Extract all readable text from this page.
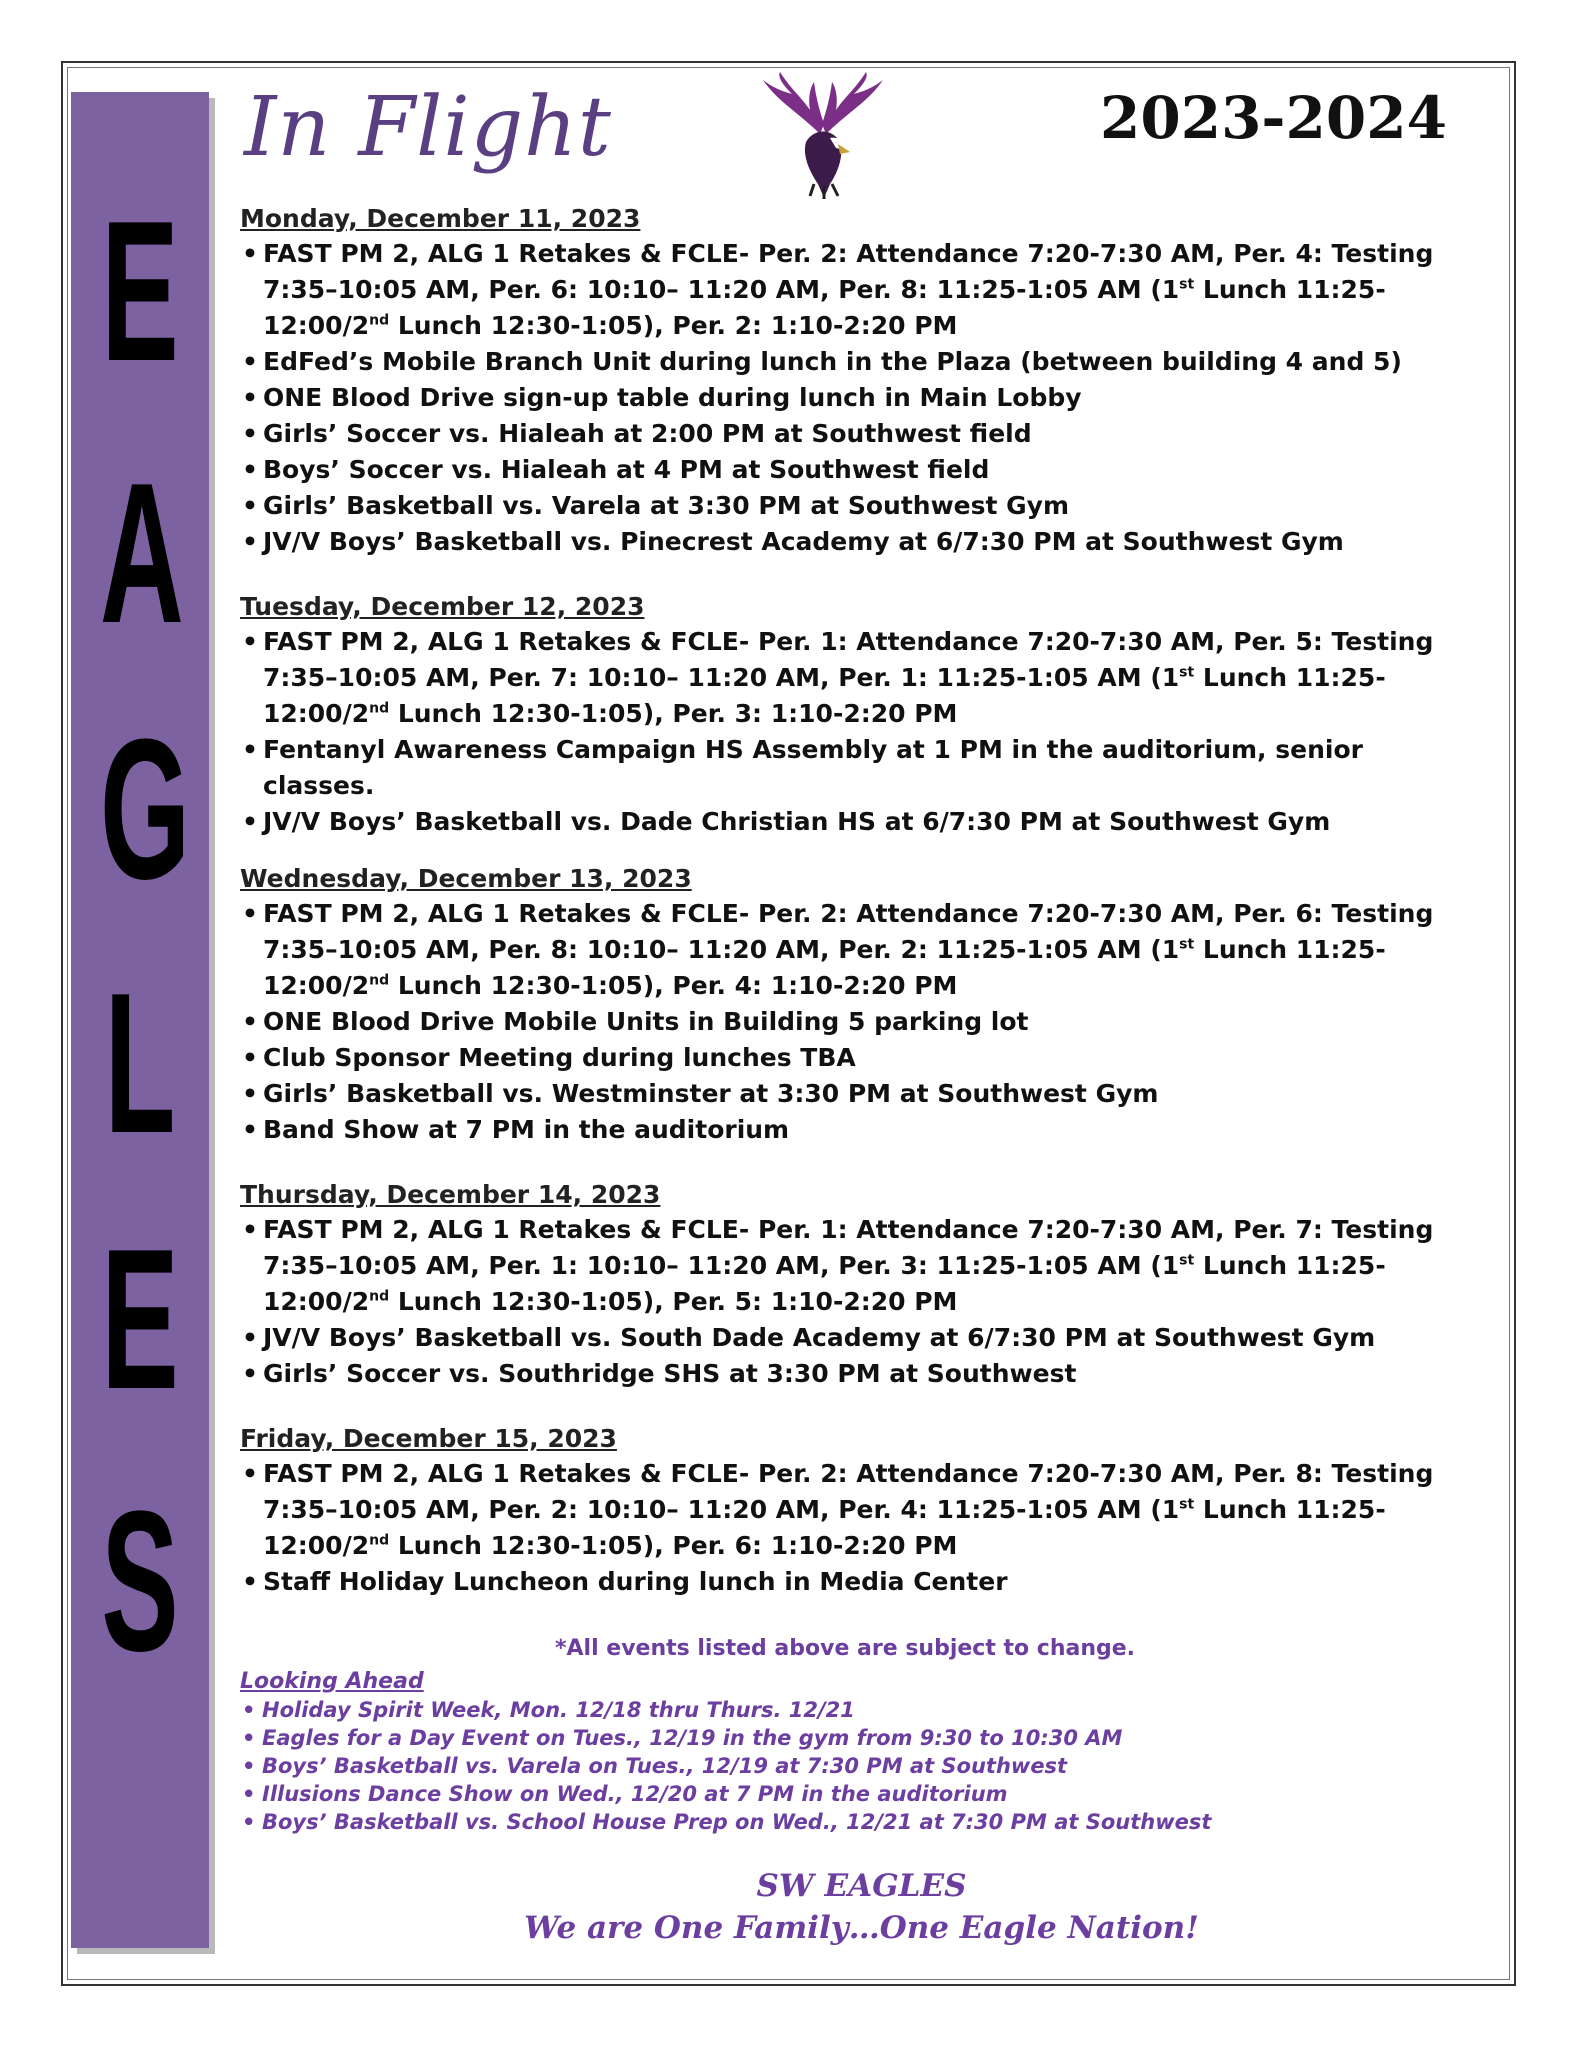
E
A
G
L
E
S
In Flight	2023-2024
Monday, December 11, 2023
• FAST PM 2, ALG 1 Retakes & FCLE- Per. 2: Attendance 7:20-7:30 AM, Per. 4: Testing 7:35–10:05 AM, Per. 6: 10:10– 11:20 AM, Per. 8: 11:25-1:05 AM (1st Lunch 11:25-12:00/2nd Lunch 12:30-1:05), Per. 2: 1:10-2:20 PM
• EdFed’s Mobile Branch Unit during lunch in the Plaza (between building 4 and 5)
• ONE Blood Drive sign-up table during lunch in Main Lobby
• Girls’ Soccer vs. Hialeah at 2:00 PM at Southwest field
• Boys’ Soccer vs. Hialeah at 4 PM at Southwest field
• Girls’ Basketball vs. Varela at 3:30 PM at Southwest Gym
• JV/V Boys’ Basketball vs. Pinecrest Academy at 6/7:30 PM at Southwest Gym
Tuesday, December 12, 2023
• FAST PM 2, ALG 1 Retakes & FCLE- Per. 1: Attendance 7:20-7:30 AM, Per. 5: Testing 7:35–10:05 AM, Per. 7: 10:10– 11:20 AM, Per. 1: 11:25-1:05 AM (1st Lunch 11:25-12:00/2nd Lunch 12:30-1:05), Per. 3: 1:10-2:20 PM
• Fentanyl Awareness Campaign HS Assembly at 1 PM in the auditorium, senior classes.
• JV/V Boys’ Basketball vs. Dade Christian HS at 6/7:30 PM at Southwest Gym
Wednesday, December 13, 2023
• FAST PM 2, ALG 1 Retakes & FCLE- Per. 2: Attendance 7:20-7:30 AM, Per. 6: Testing 7:35–10:05 AM, Per. 8: 10:10– 11:20 AM, Per. 2: 11:25-1:05 AM (1st Lunch 11:25-12:00/2nd Lunch 12:30-1:05), Per. 4: 1:10-2:20 PM
• ONE Blood Drive Mobile Units in Building 5 parking lot
• Club Sponsor Meeting during lunches TBA
• Girls’ Basketball vs. Westminster at 3:30 PM at Southwest Gym
• Band Show at 7 PM in the auditorium
Thursday, December 14, 2023
• FAST PM 2, ALG 1 Retakes & FCLE- Per. 1: Attendance 7:20-7:30 AM, Per. 7: Testing 7:35–10:05 AM, Per. 1: 10:10– 11:20 AM, Per. 3: 11:25-1:05 AM (1st Lunch 11:25-12:00/2nd Lunch 12:30-1:05), Per. 5: 1:10-2:20 PM
• JV/V Boys’ Basketball vs. South Dade Academy at 6/7:30 PM at Southwest Gym
• Girls’ Soccer vs. Southridge SHS at 3:30 PM at Southwest
Friday, December 15, 2023
• FAST PM 2, ALG 1 Retakes & FCLE- Per. 2: Attendance 7:20-7:30 AM, Per. 8: Testing 7:35–10:05 AM, Per. 2: 10:10– 11:20 AM, Per. 4: 11:25-1:05 AM (1st Lunch 11:25-12:00/2nd Lunch 12:30-1:05), Per. 6: 1:10-2:20 PM
• Staff Holiday Luncheon during lunch in Media Center
*All events listed above are subject to change.
Looking Ahead
• Holiday Spirit Week, Mon. 12/18 thru Thurs. 12/21
• Eagles for a Day Event on Tues., 12/19 in the gym from 9:30 to 10:30 AM
• Boys’ Basketball vs. Varela on Tues., 12/19 at 7:30 PM at Southwest
• Illusions Dance Show on Wed., 12/20 at 7 PM in the auditorium
• Boys’ Basketball vs. School House Prep on Wed., 12/21 at 7:30 PM at Southwest
SW EAGLES
We are One Family…One Eagle Nation!
